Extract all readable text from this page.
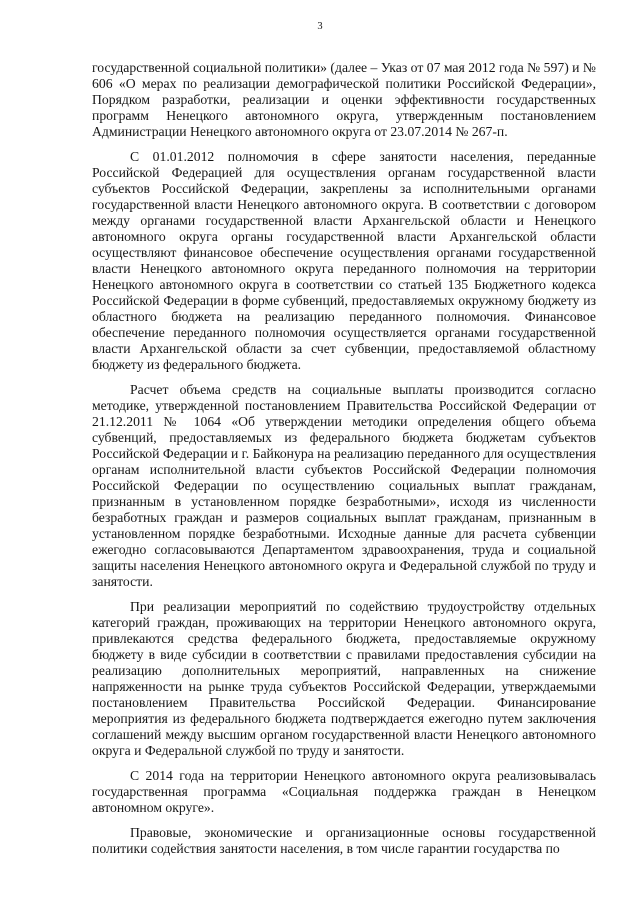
3

государственной социальной политики» (далее – Указ от 07 мая 2012 года № 597) и № 606 «О мерах по реализации демографической политики Российской Федерации», Порядком разработки, реализации и оценки эффективности государственных программ Ненецкого автономного округа, утвержденным постановлением Администрации Ненецкого автономного округа от 23.07.2014 № 267-п.

С 01.01.2012 полномочия в сфере занятости населения, переданные Российской Федерацией для осуществления органам государственной власти субъектов Российской Федерации, закреплены за исполнительными органами государственной власти Ненецкого автономного округа. В соответствии с договором между органами государственной власти Архангельской области и Ненецкого автономного округа органы государственной власти Архангельской области осуществляют финансовое обеспечение осуществления органами государственной власти Ненецкого автономного округа переданного полномочия на территории Ненецкого автономного округа в соответствии со статьей 135 Бюджетного кодекса Российской Федерации в форме субвенций, предоставляемых окружному бюджету из областного бюджета на реализацию переданного полномочия. Финансовое обеспечение переданного полномочия осуществляется органами государственной власти Архангельской области за счет субвенции, предоставляемой областному бюджету из федерального бюджета.

Расчет объема средств на социальные выплаты производится согласно методике, утвержденной постановлением Правительства Российской Федерации от 21.12.2011 № 1064 «Об утверждении методики определения общего объема субвенций, предоставляемых из федерального бюджета бюджетам субъектов Российской Федерации и г. Байконура на реализацию переданного для осуществления органам исполнительной власти субъектов Российской Федерации полномочия Российской Федерации по осуществлению социальных выплат гражданам, признанным в установленном порядке безработными», исходя из численности безработных граждан и размеров социальных выплат гражданам, признанным в установленном порядке безработными. Исходные данные для расчета субвенции ежегодно согласовываются Департаментом здравоохранения, труда и социальной защиты населения Ненецкого автономного округа и Федеральной службой по труду и занятости.

При реализации мероприятий по содействию трудоустройству отдельных категорий граждан, проживающих на территории Ненецкого автономного округа, привлекаются средства федерального бюджета, предоставляемые окружному бюджету в виде субсидии в соответствии с правилами предоставления субсидии на реализацию дополнительных мероприятий, направленных на снижение напряженности на рынке труда субъектов Российской Федерации, утверждаемыми постановлением Правительства Российской Федерации. Финансирование мероприятия из федерального бюджета подтверждается ежегодно путем заключения соглашений между высшим органом государственной власти Ненецкого автономного округа и Федеральной службой по труду и занятости.

С 2014 года на территории Ненецкого автономного округа реализовывалась государственная программа «Социальная поддержка граждан в Ненецком автономном округе».

Правовые, экономические и организационные основы государственной политики содействия занятости населения, в том числе гарантии государства по
